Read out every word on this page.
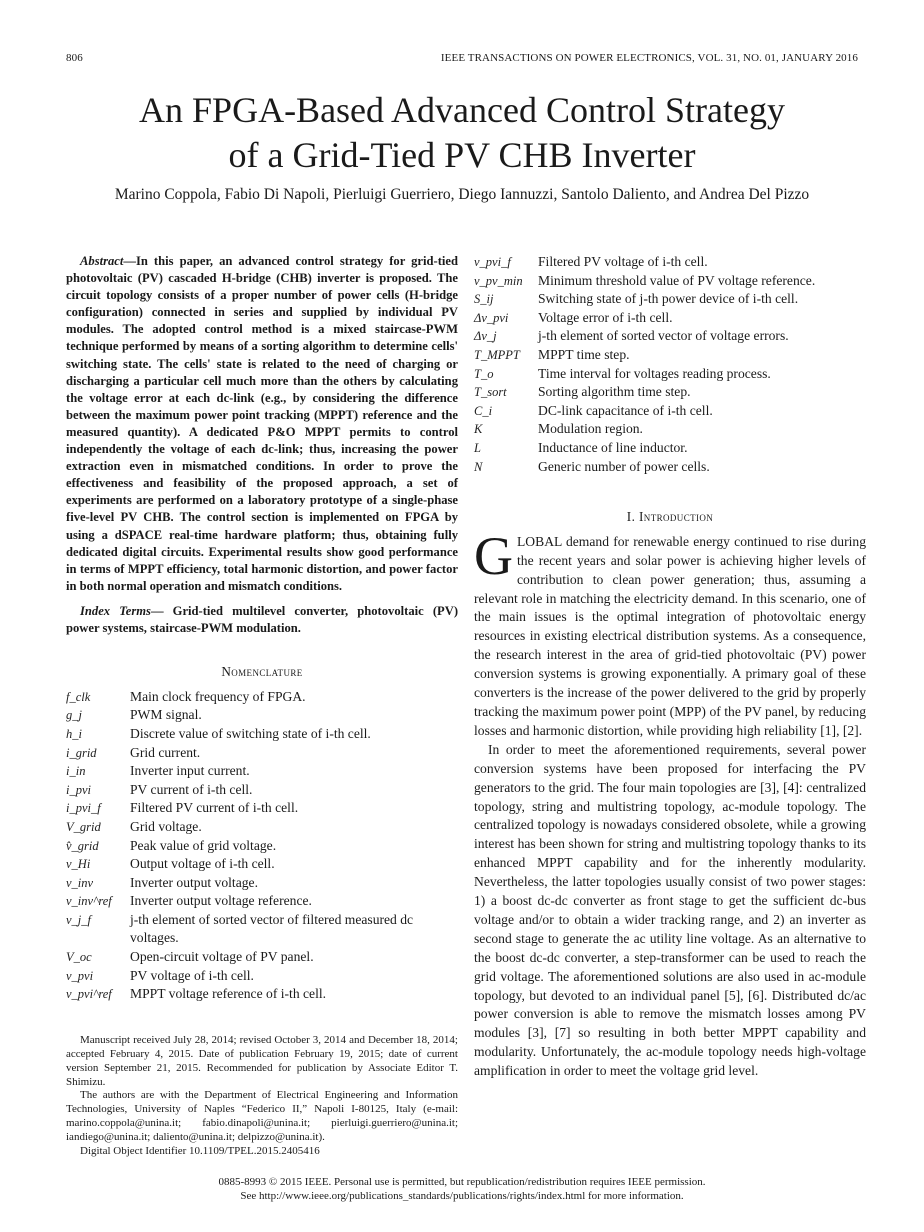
806	IEEE TRANSACTIONS ON POWER ELECTRONICS, VOL. 31, NO. 01, JANUARY 2016
An FPGA-Based Advanced Control Strategy
of a Grid-Tied PV CHB Inverter
Marino Coppola, Fabio Di Napoli, Pierluigi Guerriero, Diego Iannuzzi, Santolo Daliento, and Andrea Del Pizzo

Abstract—In this paper, an advanced control strategy for grid-tied photovoltaic (PV) cascaded H-bridge (CHB) inverter is proposed. The circuit topology consists of a proper number of power cells (H-bridge configuration) connected in series and supplied by individual PV modules. The adopted control method is a mixed staircase-PWM technique performed by means of a sorting algorithm to determine cells' switching state. The cells' state is related to the need of charging or discharging a particular cell much more than the others by calculating the voltage error at each dc-link (e.g., by considering the difference between the maximum power point tracking (MPPT) reference and the measured quantity). A dedicated P&O MPPT permits to control independently the voltage of each dc-link; thus, increasing the power extraction even in mismatched conditions. In order to prove the effectiveness and feasibility of the proposed approach, a set of experiments are performed on a laboratory prototype of a single-phase five-level PV CHB. The control section is implemented on FPGA by using a dSPACE real-time hardware platform; thus, obtaining fully dedicated digital circuits. Experimental results show good performance in terms of MPPT efficiency, total harmonic distortion, and power factor in both normal operation and mismatch conditions.

Index Terms— Grid-tied multilevel converter, photovoltaic (PV) power systems, staircase-PWM modulation.

Nomenclature
f_clk	Main clock frequency of FPGA.
g_j	PWM signal.
h_i	Discrete value of switching state of i-th cell.
i_grid	Grid current.
i_in	Inverter input current.
i_pvi	PV current of i-th cell.
i_pvi_f	Filtered PV current of i-th cell.
V_grid	Grid voltage.
v̂_grid	Peak value of grid voltage.
v_Hi	Output voltage of i-th cell.
v_inv	Inverter output voltage.
v_inv^ref	Inverter output voltage reference.
v_j_f	j-th element of sorted vector of filtered measured dc voltages.
V_oc	Open-circuit voltage of PV panel.
v_pvi	PV voltage of i-th cell.
v_pvi^ref	MPPT voltage reference of i-th cell.

Manuscript received July 28, 2014; revised October 3, 2014 and December 18, 2014; accepted February 4, 2015. Date of publication February 19, 2015; date of current version September 21, 2015. Recommended for publication by Associate Editor T. Shimizu.

The authors are with the Department of Electrical Engineering and Information Technologies, University of Naples “Federico II,” Napoli I-80125, Italy (e-mail: marino.coppola@unina.it; fabio.dinapoli@unina.it; pierluigi.guerriero@unina.it; iandiego@unina.it; daliento@unina.it; delpizzo@unina.it).

Digital Object Identifier 10.1109/TPEL.2015.2405416

v_pvi_f	Filtered PV voltage of i-th cell.
v_pv_min	Minimum threshold value of PV voltage reference.
S_ij	Switching state of j-th power device of i-th cell.
Δv_pvi	Voltage error of i-th cell.
Δv_j	j-th element of sorted vector of voltage errors.
T_MPPT	MPPT time step.
T_o	Time interval for voltages reading process.
T_sort	Sorting algorithm time step.
C_i	DC-link capacitance of i-th cell.
K	Modulation region.
L	Inductance of line inductor.
N	Generic number of power cells.
I. Introduction

GLOBAL demand for renewable energy continued to rise during the recent years and solar power is achieving higher levels of contribution to clean power generation; thus, assuming a relevant role in matching the electricity demand. In this scenario, one of the main issues is the optimal integration of photovoltaic energy resources in existing electrical distribution systems. As a consequence, the research interest in the area of grid-tied photovoltaic (PV) power conversion systems is growing exponentially. A primary goal of these converters is the increase of the power delivered to the grid by properly tracking the maximum power point (MPP) of the PV panel, by reducing losses and harmonic distortion, while providing high reliability [1], [2].

In order to meet the aforementioned requirements, several power conversion systems have been proposed for interfacing the PV generators to the grid. The four main topologies are [3], [4]: centralized topology, string and multistring topology, ac-module topology. The centralized topology is nowadays considered obsolete, while a growing interest has been shown for string and multistring topology thanks to its enhanced MPPT capability and for the inherently modularity. Nevertheless, the latter topologies usually consist of two power stages: 1) a boost dc-dc converter as front stage to get the sufficient dc-bus voltage and/or to obtain a wider tracking range, and 2) an inverter as second stage to generate the ac utility line voltage. As an alternative to the boost dc-dc converter, a step-transformer can be used to reach the grid voltage. The aforementioned solutions are also used in ac-module topology, but devoted to an individual panel [5], [6]. Distributed dc/ac power conversion is able to remove the mismatch losses among PV modules [3], [7] so resulting in both better MPPT capability and modularity. Unfortunately, the ac-module topology needs high-voltage amplification in order to meet the voltage grid level.

0885-8993 © 2015 IEEE. Personal use is permitted, but republication/redistribution requires IEEE permission.
See http://www.ieee.org/publications_standards/publications/rights/index.html for more information.
